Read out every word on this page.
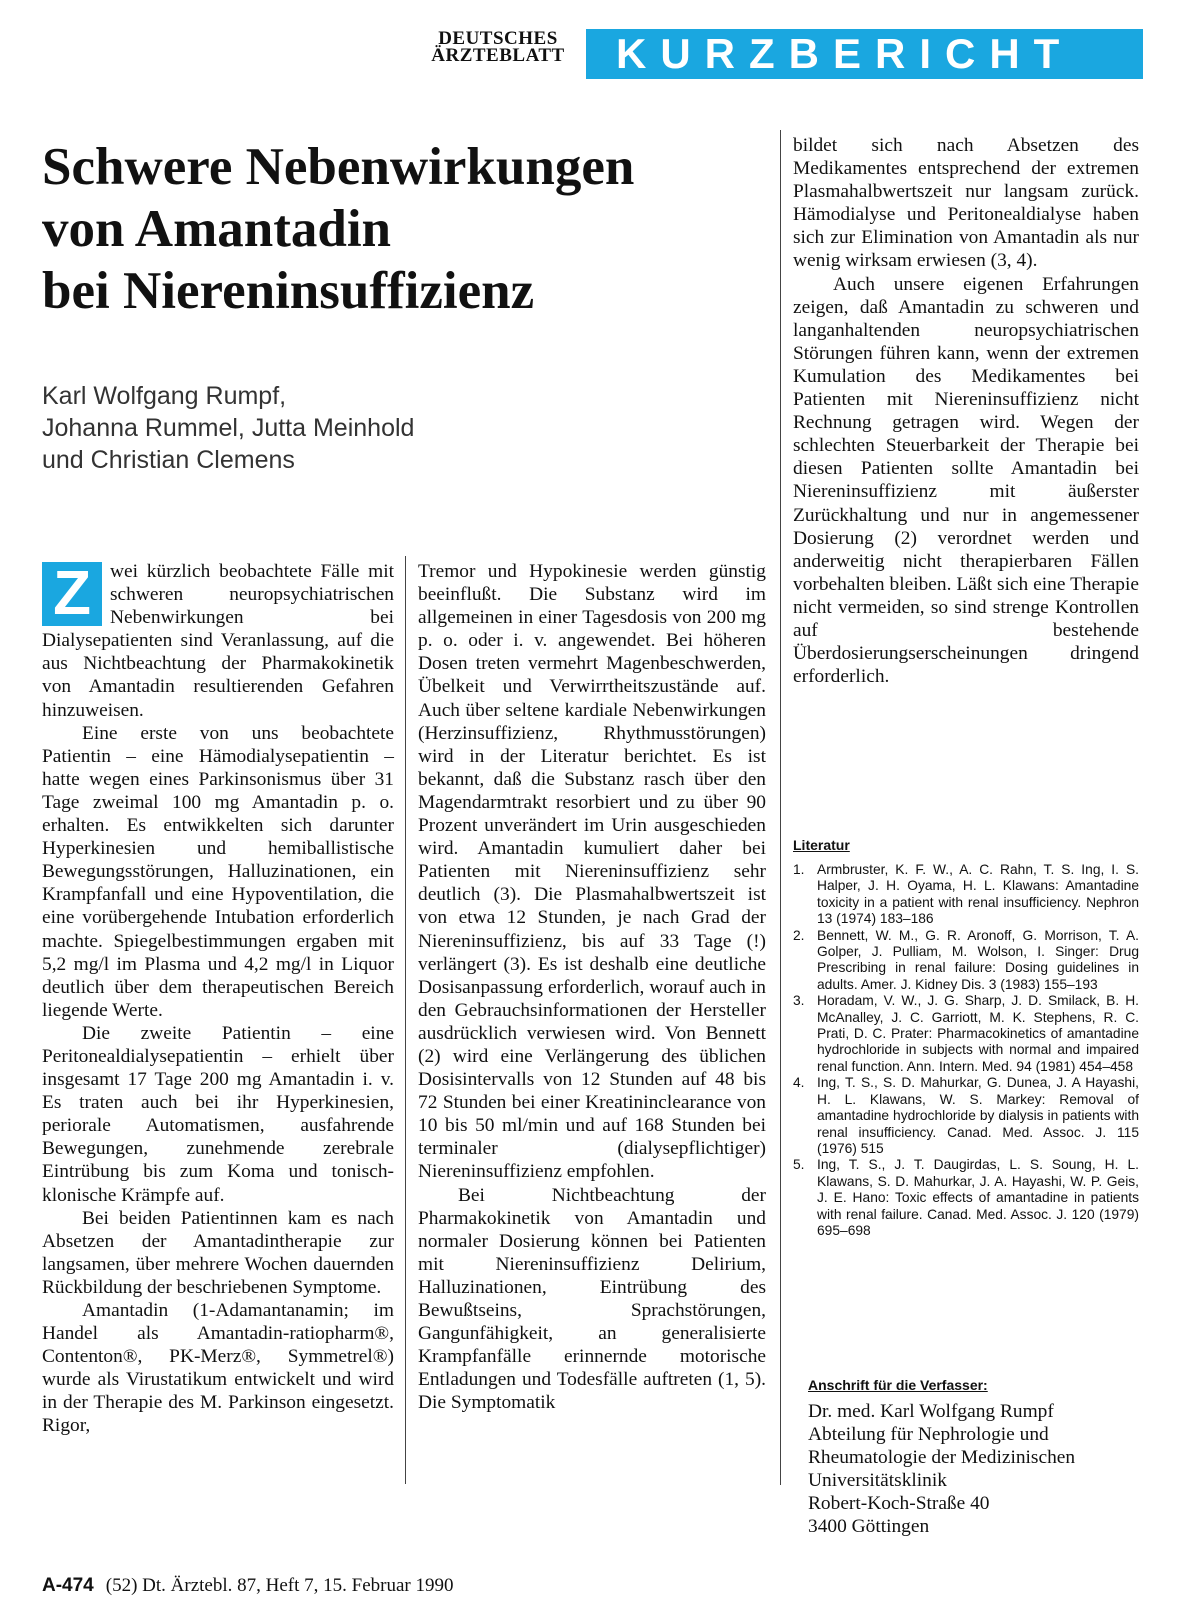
DEUTSCHES
ÄRZTEBLATT	KURZBERICHT
Schwere Nebenwirkungen
von Amantadin
bei Niereninsuffizienz
Karl Wolfgang Rumpf,
Johanna Rummel, Jutta Meinhold
und Christian Clemens

Z wei kürzlich beobachtete Fälle mit schweren neuropsychiatrischen Nebenwirkungen bei Dialysepatienten sind Veranlassung, auf die aus Nichtbeachtung der Pharmakokinetik von Amantadin resultierenden Gefahren hinzuweisen.

Eine erste von uns beobachtete Patientin – eine Hämodialysepatientin – hatte wegen eines Parkinsonismus über 31 Tage zweimal 100 mg Amantadin p. o. erhalten. Es entwikkelten sich darunter Hyperkinesien und hemiballistische Bewegungsstörungen, Halluzinationen, ein Krampfanfall und eine Hypoventilation, die eine vorübergehende Intubation erforderlich machte. Spiegelbestimmungen ergaben mit 5,2 mg/l im Plasma und 4,2 mg/l in Liquor deutlich über dem therapeutischen Bereich liegende Werte.

Die zweite Patientin – eine Peritonealdialysepatientin – erhielt über insgesamt 17 Tage 200 mg Amantadin i. v. Es traten auch bei ihr Hyperkinesien, periorale Automatismen, ausfahrende Bewegungen, zunehmende zerebrale Eintrübung bis zum Koma und tonisch-klonische Krämpfe auf.

Bei beiden Patientinnen kam es nach Absetzen der Amantadintherapie zur langsamen, über mehrere Wochen dauernden Rückbildung der beschriebenen Symptome.

Amantadin (1-Adamantanamin; im Handel als Amantadin-ratiopharm®, Contenton®, PK-Merz®, Symmetrel®) wurde als Virustatikum entwickelt und wird in der Therapie des M. Parkinson eingesetzt. Rigor,

Tremor und Hypokinesie werden günstig beeinflußt. Die Substanz wird im allgemeinen in einer Tagesdosis von 200 mg p. o. oder i. v. angewendet. Bei höheren Dosen treten vermehrt Magenbeschwerden, Übelkeit und Verwirrtheitszustände auf. Auch über seltene kardiale Nebenwirkungen (Herzinsuffizienz, Rhythmusstörungen) wird in der Literatur berichtet. Es ist bekannt, daß die Substanz rasch über den Magendarmtrakt resorbiert und zu über 90 Prozent unverändert im Urin ausgeschieden wird. Amantadin kumuliert daher bei Patienten mit Niereninsuffizienz sehr deutlich (3). Die Plasmahalbwertszeit ist von etwa 12 Stunden, je nach Grad der Niereninsuffizienz, bis auf 33 Tage (!) verlängert (3). Es ist deshalb eine deutliche Dosisanpassung erforderlich, worauf auch in den Gebrauchsinformationen der Hersteller ausdrücklich verwiesen wird. Von Bennett (2) wird eine Verlängerung des üblichen Dosisintervalls von 12 Stunden auf 48 bis 72 Stunden bei einer Kreatininclearance von 10 bis 50 ml/min und auf 168 Stunden bei terminaler (dialysepflichtiger) Niereninsuffizienz empfohlen.

Bei Nichtbeachtung der Pharmakokinetik von Amantadin und normaler Dosierung können bei Patienten mit Niereninsuffizienz Delirium, Halluzinationen, Eintrübung des Bewußtseins, Sprachstörungen, Gangunfähigkeit, an generalisierte Krampfanfälle erinnernde motorische Entladungen und Todesfälle auftreten (1, 5). Die Symptomatik

bildet sich nach Absetzen des Medikamentes entsprechend der extremen Plasmahalbwertszeit nur langsam zurück. Hämodialyse und Peritonealdialyse haben sich zur Elimination von Amantadin als nur wenig wirksam erwiesen (3, 4).

Auch unsere eigenen Erfahrungen zeigen, daß Amantadin zu schweren und langanhaltenden neuropsychiatrischen Störungen führen kann, wenn der extremen Kumulation des Medikamentes bei Patienten mit Niereninsuffizienz nicht Rechnung getragen wird. Wegen der schlechten Steuerbarkeit der Therapie bei diesen Patienten sollte Amantadin bei Niereninsuffizienz mit äußerster Zurückhaltung und nur in angemessener Dosierung (2) verordnet werden und anderweitig nicht therapierbaren Fällen vorbehalten bleiben. Läßt sich eine Therapie nicht vermeiden, so sind strenge Kontrollen auf bestehende Überdosierungserscheinungen dringend erforderlich.

Literatur
1. Armbruster, K. F. W., A. C. Rahn, T. S. Ing, I. S. Halper, J. H. Oyama, H. L. Klawans: Amantadine toxicity in a patient with renal insufficiency. Nephron 13 (1974) 183–186
2. Bennett, W. M., G. R. Aronoff, G. Morrison, T. A. Golper, J. Pulliam, M. Wolson, I. Singer: Drug Prescribing in renal failure: Dosing guidelines in adults. Amer. J. Kidney Dis. 3 (1983) 155–193
3. Horadam, V. W., J. G. Sharp, J. D. Smilack, B. H. McAnalley, J. C. Garriott, M. K. Stephens, R. C. Prati, D. C. Prater: Pharmacokinetics of amantadine hydrochloride in subjects with normal and impaired renal function. Ann. Intern. Med. 94 (1981) 454–458
4. Ing, T. S., S. D. Mahurkar, G. Dunea, J. A Hayashi, H. L. Klawans, W. S. Markey: Removal of amantadine hydrochloride by dialysis in patients with renal insufficiency. Canad. Med. Assoc. J. 115 (1976) 515
5. Ing, T. S., J. T. Daugirdas, L. S. Soung, H. L. Klawans, S. D. Mahurkar, J. A. Hayashi, W. P. Geis, J. E. Hano: Toxic effects of amantadine in patients with renal failure. Canad. Med. Assoc. J. 120 (1979) 695–698
Anschrift für die Verfasser:
Dr. med. Karl Wolfgang Rumpf
Abteilung für Nephrologie und
Rheumatologie der Medizinischen
Universitätsklinik
Robert-Koch-Straße 40
3400 Göttingen
A-474 (52) Dt. Ärztebl. 87, Heft 7, 15. Februar 1990
